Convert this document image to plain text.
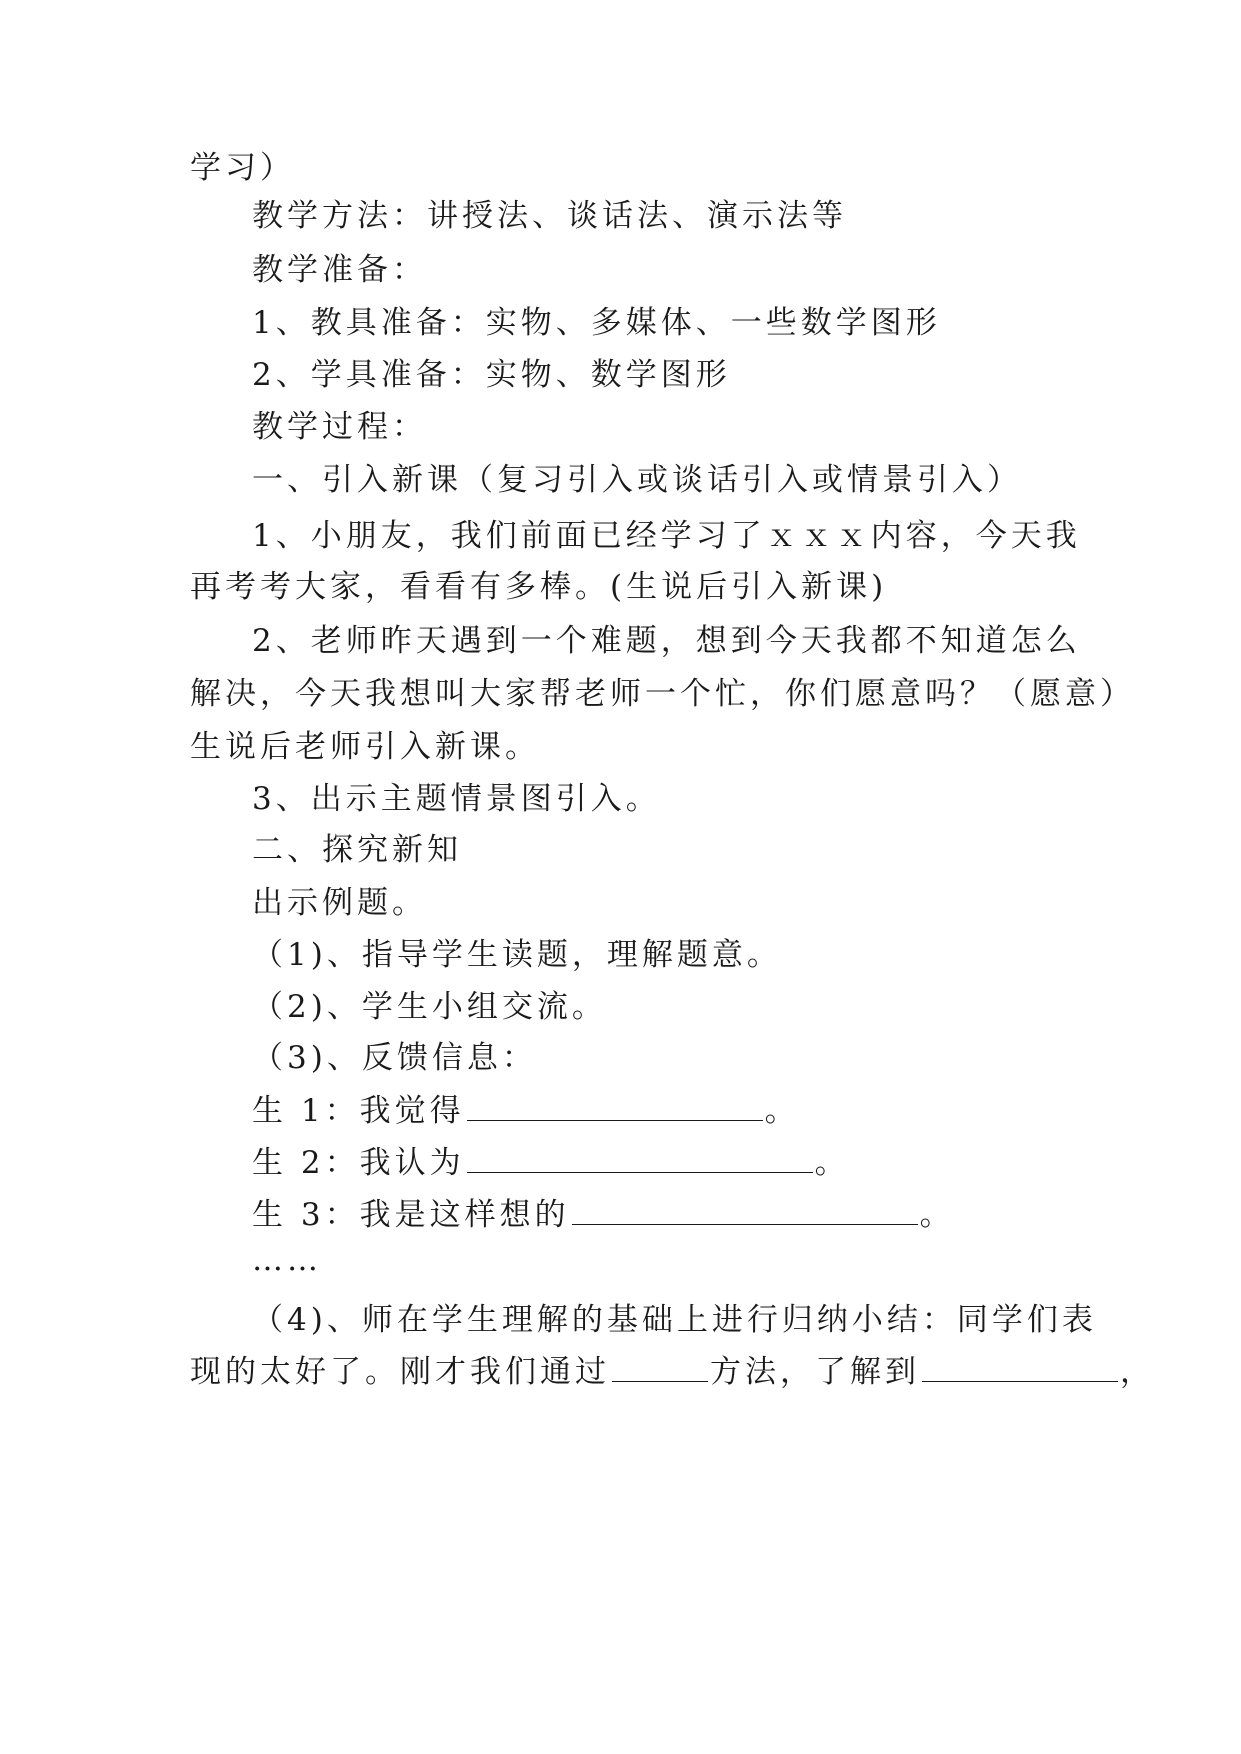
学习）
教学方法：讲授法、谈话法、演示法等
教学准备：
1、教具准备：实物、多媒体、一些数学图形
2、学具准备：实物、数学图形
教学过程：
一、引入新课（复习引入或谈话引入或情景引入）
1、小朋友，我们前面已经学习了ｘｘｘ内容，今天我
再考考大家，看看有多棒。(生说后引入新课)
2、老师昨天遇到一个难题，想到今天我都不知道怎么
解决，今天我想叫大家帮老师一个忙，你们愿意吗？（愿意）
生说后老师引入新课。
3、出示主题情景图引入。
二、探究新知
出示例题。
（1)、指导学生读题，理解题意。
（2)、学生小组交流。
（3)、反馈信息：
生 1：我觉得	。
生 2：我认为	。
生 3：我是这样想的	。
……
（4)、师在学生理解的基础上进行归纳小结：同学们表
现的太好了。刚才我们通过	方法，了解到	，
